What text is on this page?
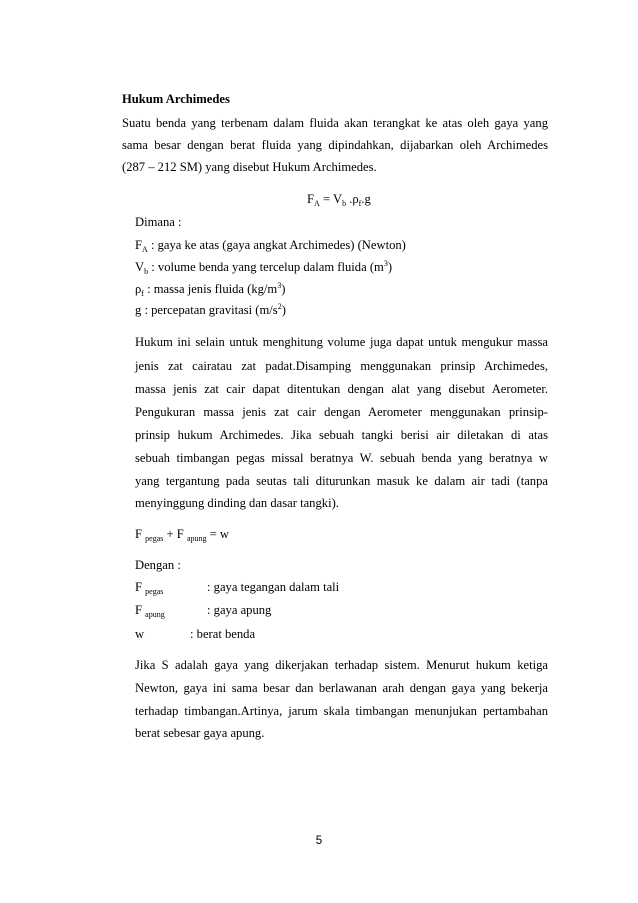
Hukum Archimedes
Suatu benda yang terbenam dalam fluida akan terangkat ke atas oleh gaya yang
sama besar dengan berat fluida yang dipindahkan, dijabarkan oleh Archimedes
(287 – 212 SM) yang disebut Hukum Archimedes.
$F_A = V_b$ $.\rho_f.g$
Dimana :
$F_A$ : gaya ke atas (gaya angkat Archimedes) (Newton)
$V_b$ : volume benda yang tercelup dalam fluida $(m^3)$
$\rho_f$ : massa jenis fluida $(kg/m^3)$
g : percepatan gravitasi $(m/s^2)$
Hukum ini selain untuk menghitung volume juga dapat untuk mengukur massa
jenis zat cairatau zat padat.Disamping menggunakan prinsip Archimedes,
massa jenis zat cair dapat ditentukan dengan alat yang disebut Aerometer.
Pengukuran massa jenis zat cair dengan Aerometer menggunakan prinsip-
prinsip hukum Archimedes. Jika sebuah tangki berisi air diletakan di atas
sebuah timbangan pegas missal beratnya W. sebuah benda yang beratnya w
yang tergantung pada seutas tali diturunkan masuk ke dalam air tadi (tanpa
menyinggung dinding dan dasar tangki).
F $_{pegas}$ + F $_{apung}$ = w
Dengan :
F $_{pegas}$	: gaya tegangan dalam tali
F $_{apung}$	: gaya apung
w	: berat benda
Jika S adalah gaya yang dikerjakan terhadap sistem. Menurut hukum ketiga
Newton, gaya ini sama besar dan berlawanan arah dengan gaya yang bekerja
terhadap timbangan.Artinya, jarum skala timbangan menunjukan pertambahan
berat sebesar gaya apung.
5
